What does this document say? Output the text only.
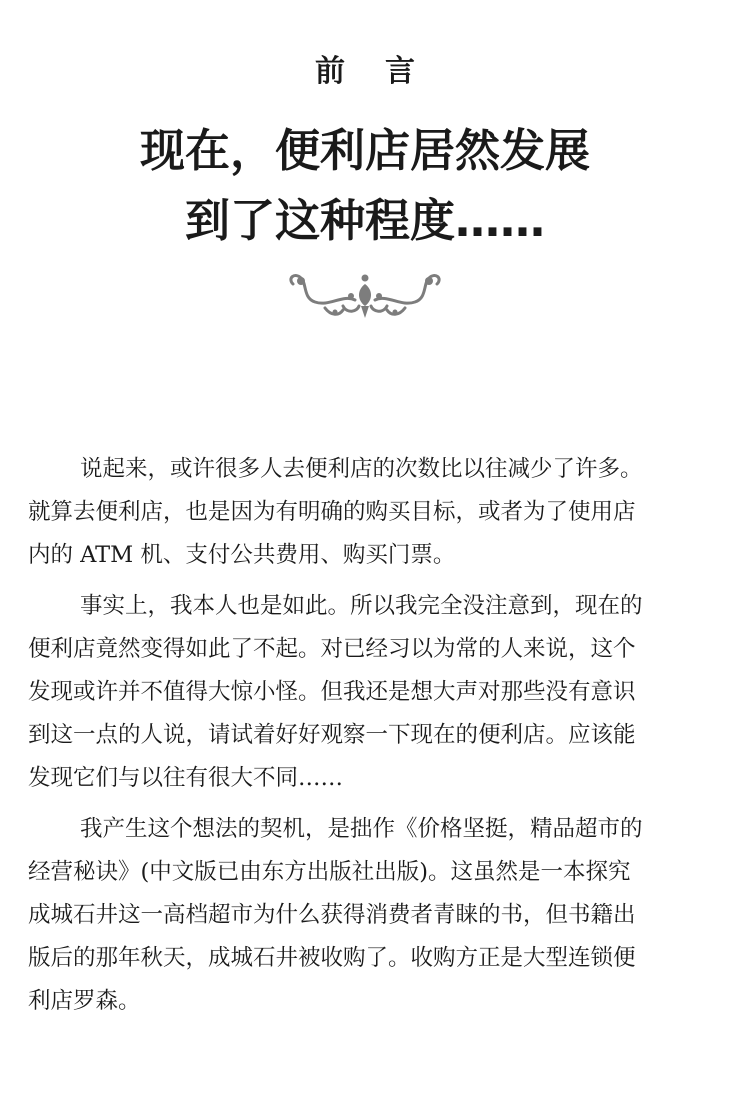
前言
现在，便利店居然发展
到了这种程度……

说起来，或许很多人去便利店的次数比以往减少了许多。
就算去便利店，也是因为有明确的购买目标，或者为了使用店
内的 ATM 机、支付公共费用、购买门票。

事实上，我本人也是如此。所以我完全没注意到，现在的
便利店竟然变得如此了不起。对已经习以为常的人来说，这个
发现或许并不值得大惊小怪。但我还是想大声对那些没有意识
到这一点的人说，请试着好好观察一下现在的便利店。应该能
发现它们与以往有很大不同……

我产生这个想法的契机，是拙作《价格坚挺，精品超市的
经营秘诀》(中文版已由东方出版社出版)。这虽然是一本探究
成城石井这一高档超市为什么获得消费者青睐的书，但书籍出
版后的那年秋天，成城石井被收购了。收购方正是大型连锁便
利店罗森。
